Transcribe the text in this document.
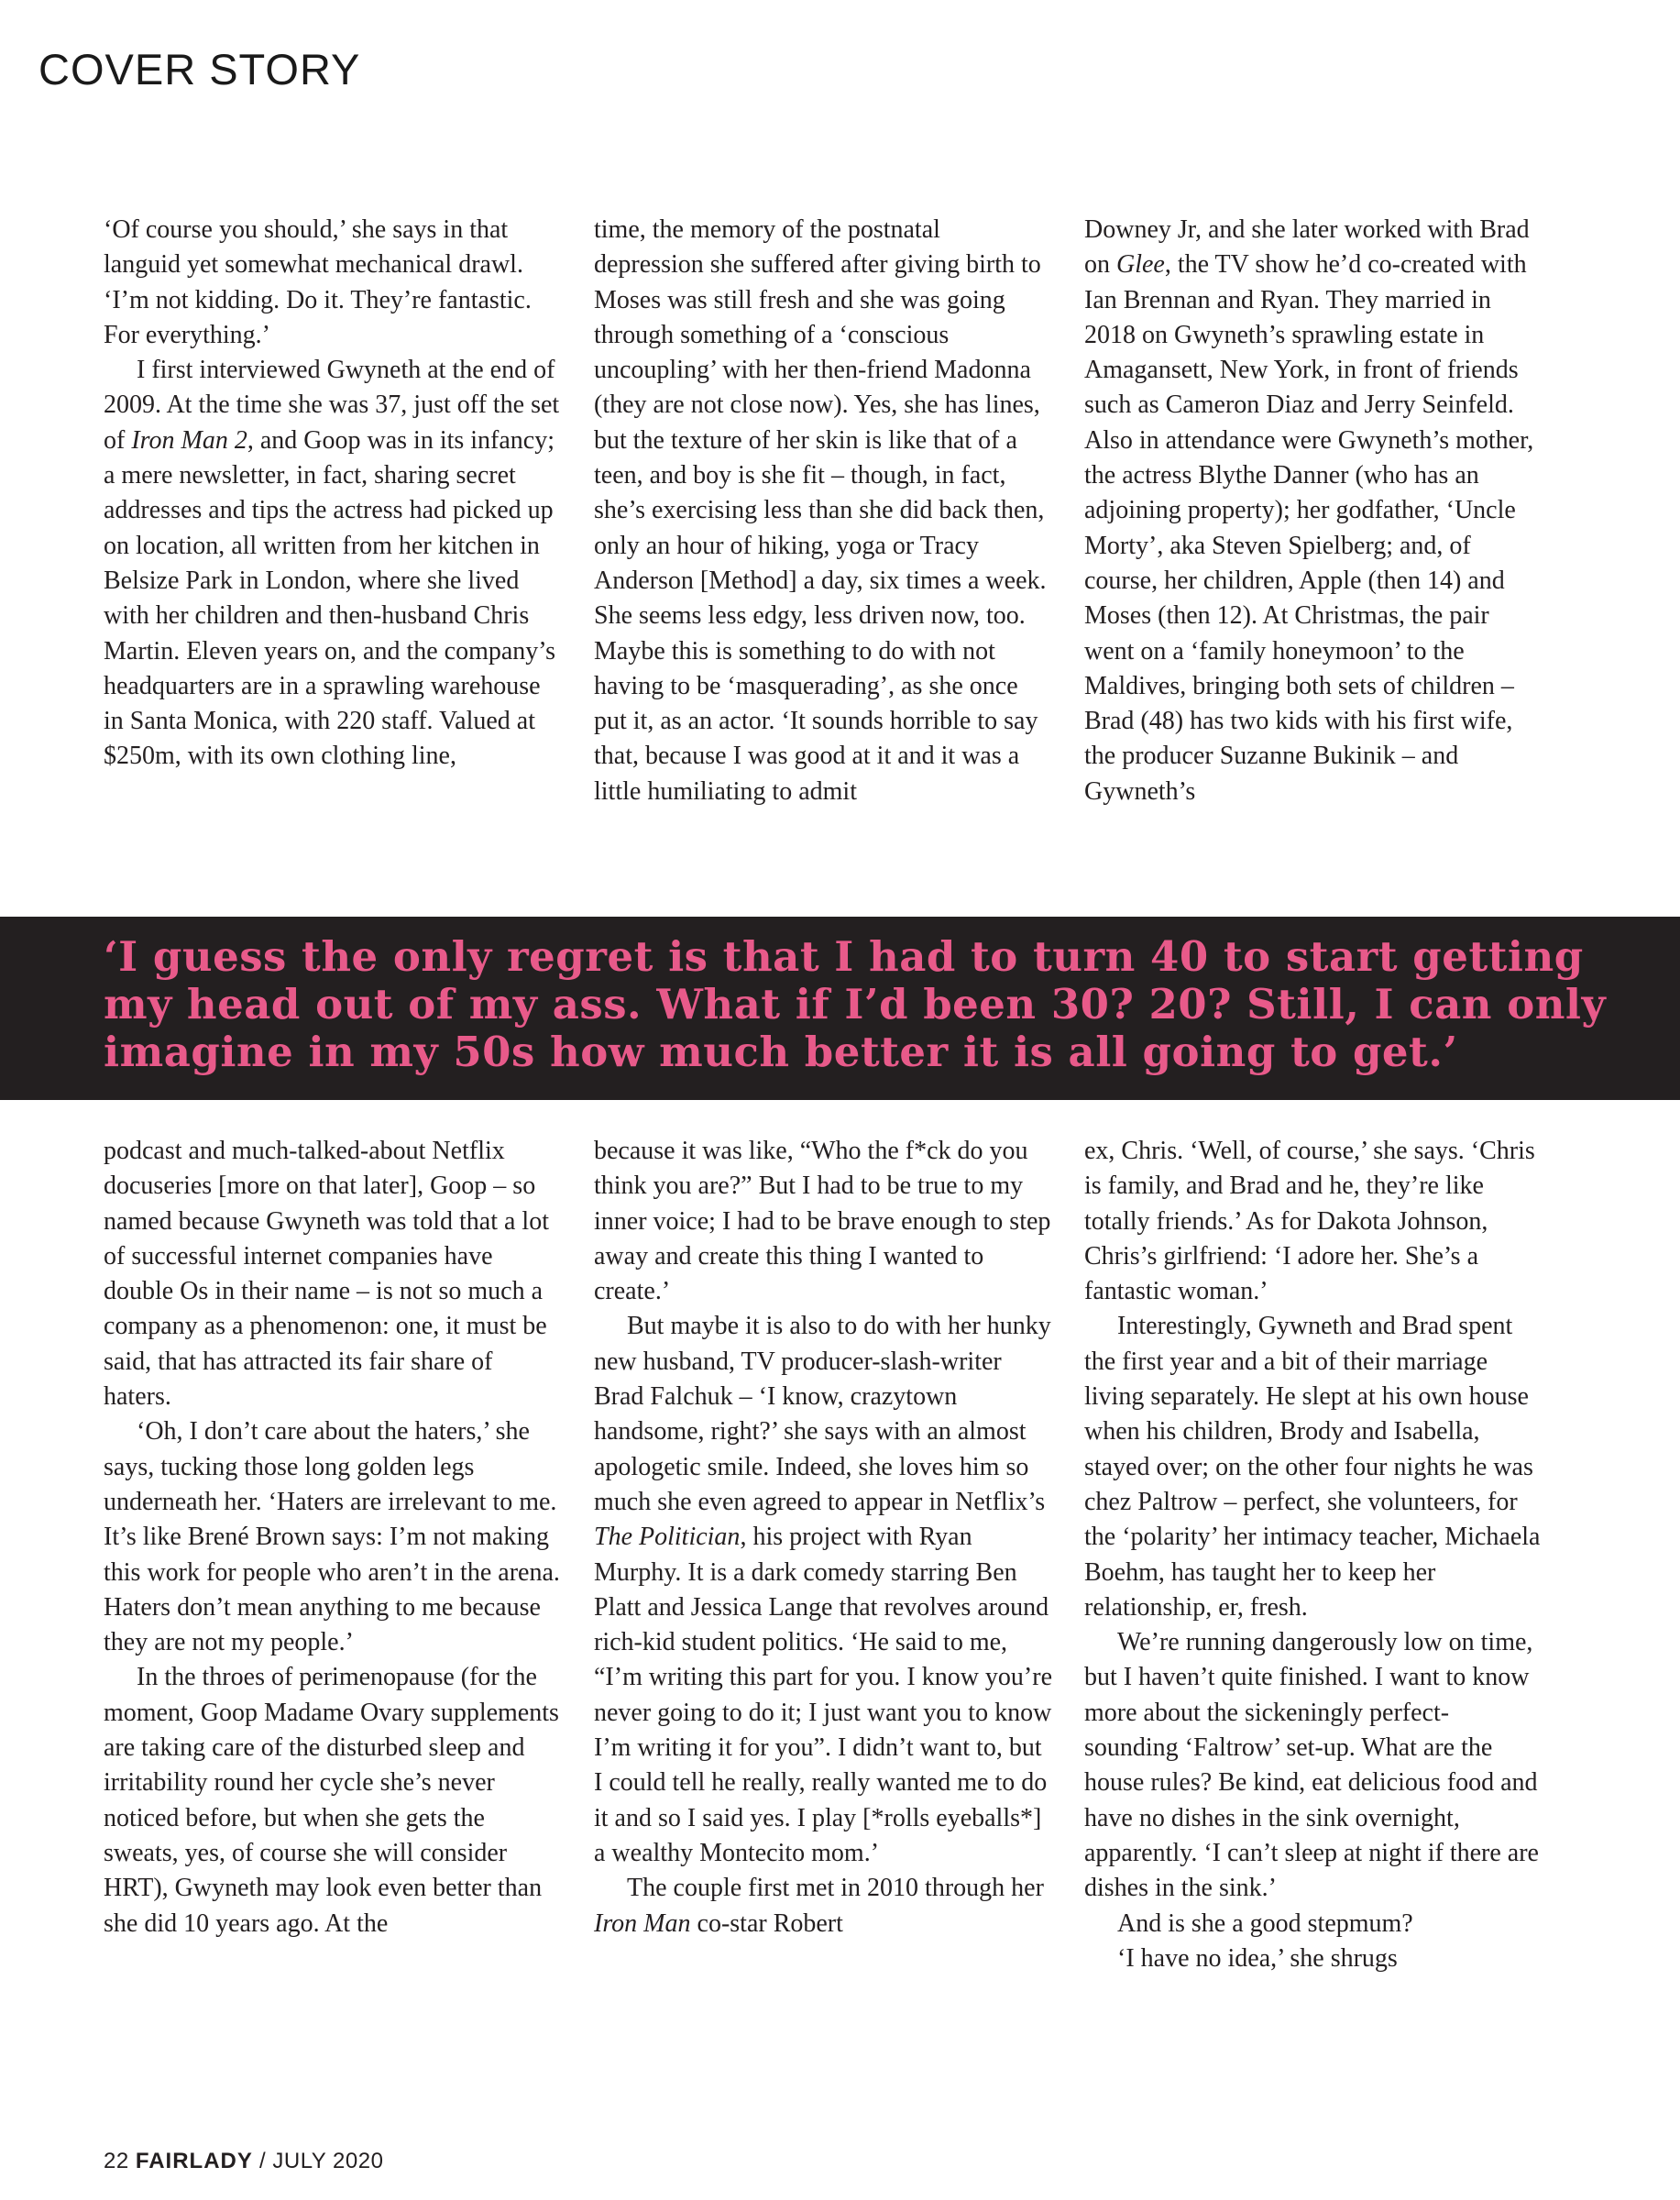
COVER STORY

‘Of course you should,’ she says in that languid yet somewhat mechanical drawl. ‘I’m not kidding. Do it. They’re fantastic. For everything.’

I first interviewed Gwyneth at the end of 2009. At the time she was 37, just off the set of Iron Man 2, and Goop was in its infancy; a mere newsletter, in fact, sharing secret addresses and tips the actress had picked up on location, all written from her kitchen in Belsize Park in London, where she lived with her children and then-husband Chris Martin. Eleven years on, and the company’s headquarters are in a sprawling warehouse in Santa Monica, with 220 staff. Valued at $250m, with its own clothing line,

time, the memory of the postnatal depression she suffered after giving birth to Moses was still fresh and she was going through something of a ‘conscious uncoupling’ with her then-friend Madonna (they are not close now). Yes, she has lines, but the texture of her skin is like that of a teen, and boy is she fit – though, in fact, she’s exercising less than she did back then, only an hour of hiking, yoga or Tracy Anderson [Method] a day, six times a week. She seems less edgy, less driven now, too. Maybe this is something to do with not having to be ‘masquerading’, as she once put it, as an actor. ‘It sounds horrible to say that, because I was good at it and it was a little humiliating to admit

Downey Jr, and she later worked with Brad on Glee, the TV show he’d co-created with Ian Brennan and Ryan. They married in 2018 on Gwyneth’s sprawling estate in Amagansett, New York, in front of friends such as Cameron Diaz and Jerry Seinfeld. Also in attendance were Gwyneth’s mother, the actress Blythe Danner (who has an adjoining property); her godfather, ‘Uncle Morty’, aka Steven Spielberg; and, of course, her children, Apple (then 14) and Moses (then 12). At Christmas, the pair went on a ‘family honeymoon’ to the Maldives, bringing both sets of children – Brad (48) has two kids with his first wife, the producer Suzanne Bukinik – and Gywneth’s

‘I guess the only regret is that I had to turn 40 to start getting my head out of my ass. What if I’d been 30? 20? Still, I can only imagine in my 50s how much better it is all going to get.’

podcast and much-talked-about Netflix docuseries [more on that later], Goop – so named because Gwyneth was told that a lot of successful internet companies have double Os in their name – is not so much a company as a phenomenon: one, it must be said, that has attracted its fair share of haters.

‘Oh, I don’t care about the haters,’ she says, tucking those long golden legs underneath her. ‘Haters are irrelevant to me. It’s like Brené Brown says: I’m not making this work for people who aren’t in the arena. Haters don’t mean anything to me because they are not my people.’

In the throes of perimenopause (for the moment, Goop Madame Ovary supplements are taking care of the disturbed sleep and irritability round her cycle she’s never noticed before, but when she gets the sweats, yes, of course she will consider HRT), Gwyneth may look even better than she did 10 years ago. At the

because it was like, “Who the f*ck do you think you are?” But I had to be true to my inner voice; I had to be brave enough to step away and create this thing I wanted to create.’

But maybe it is also to do with her hunky new husband, TV producer-slash-writer Brad Falchuk – ‘I know, crazytown handsome, right?’ she says with an almost apologetic smile. Indeed, she loves him so much she even agreed to appear in Netflix’s The Politician, his project with Ryan Murphy. It is a dark comedy starring Ben Platt and Jessica Lange that revolves around rich-kid student politics. ‘He said to me, “I’m writing this part for you. I know you’re never going to do it; I just want you to know I’m writing it for you”. I didn’t want to, but I could tell he really, really wanted me to do it and so I said yes. I play [*rolls eyeballs*] a wealthy Montecito mom.’

The couple first met in 2010 through her Iron Man co-star Robert

ex, Chris. ‘Well, of course,’ she says. ‘Chris is family, and Brad and he, they’re like totally friends.’ As for Dakota Johnson, Chris’s girlfriend: ‘I adore her. She’s a fantastic woman.’

Interestingly, Gywneth and Brad spent the first year and a bit of their marriage living separately. He slept at his own house when his children, Brody and Isabella, stayed over; on the other four nights he was chez Paltrow – perfect, she volunteers, for the ‘polarity’ her intimacy teacher, Michaela Boehm, has taught her to keep her relationship, er, fresh.

We’re running dangerously low on time, but I haven’t quite finished. I want to know more about the sickeningly perfect-sounding ‘Faltrow’ set-up. What are the house rules? Be kind, eat delicious food and have no dishes in the sink overnight, apparently. ‘I can’t sleep at night if there are dishes in the sink.’

And is she a good stepmum?

‘I have no idea,’ she shrugs

22 FAIRLADY / JULY 2020
